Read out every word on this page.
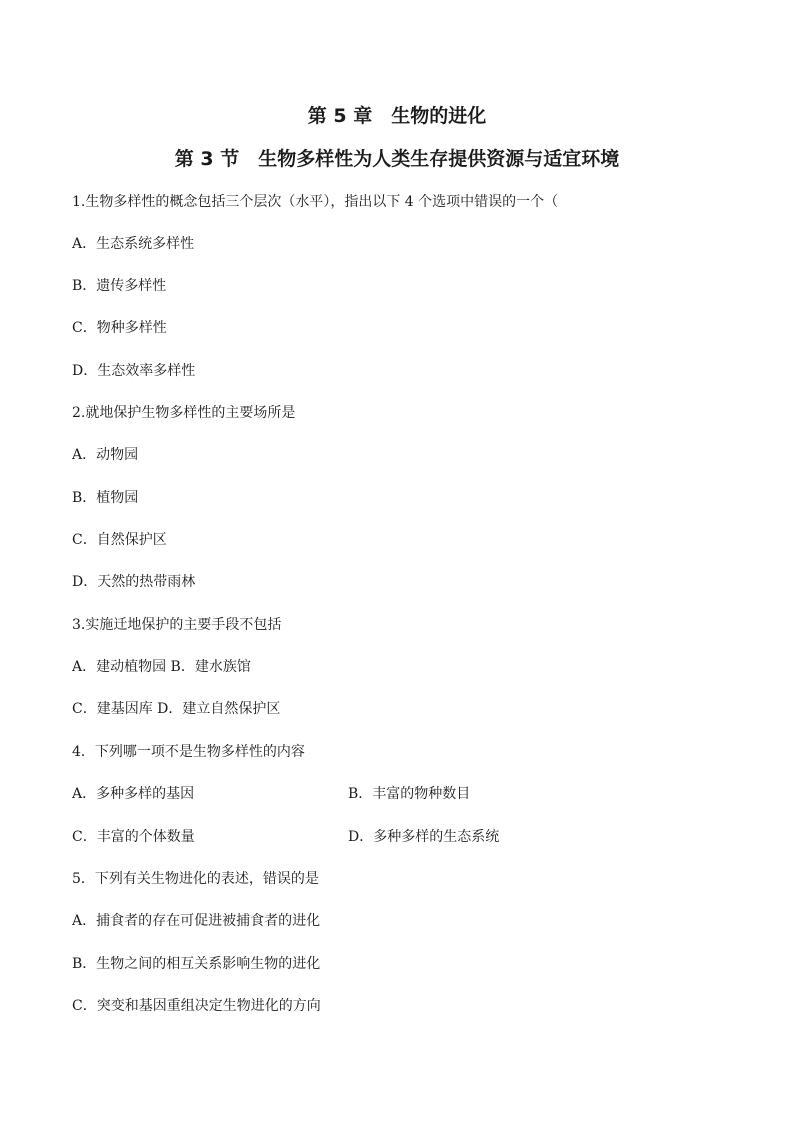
第 5 章　生物的进化
第 3 节　生物多样性为人类生存提供资源与适宜环境
1.生物多样性的概念包括三个层次（水平），指出以下 4 个选项中错误的一个（
A．生态系统多样性
B．遗传多样性
C．物种多样性
D．生态效率多样性
2.就地保护生物多样性的主要场所是
A．动物园
B．植物园
C．自然保护区
D．天然的热带雨林
3.实施迁地保护的主要手段不包括
A．建动植物园 B．建水族馆
C．建基因库 D．建立自然保护区
4．下列哪一项不是生物多样性的内容
A．多种多样的基因	B．丰富的物种数目
C．丰富的个体数量	D．多种多样的生态系统
5．下列有关生物进化的表述，错误的是
A．捕食者的存在可促进被捕食者的进化
B．生物之间的相互关系影响生物的进化
C．突变和基因重组决定生物进化的方向
